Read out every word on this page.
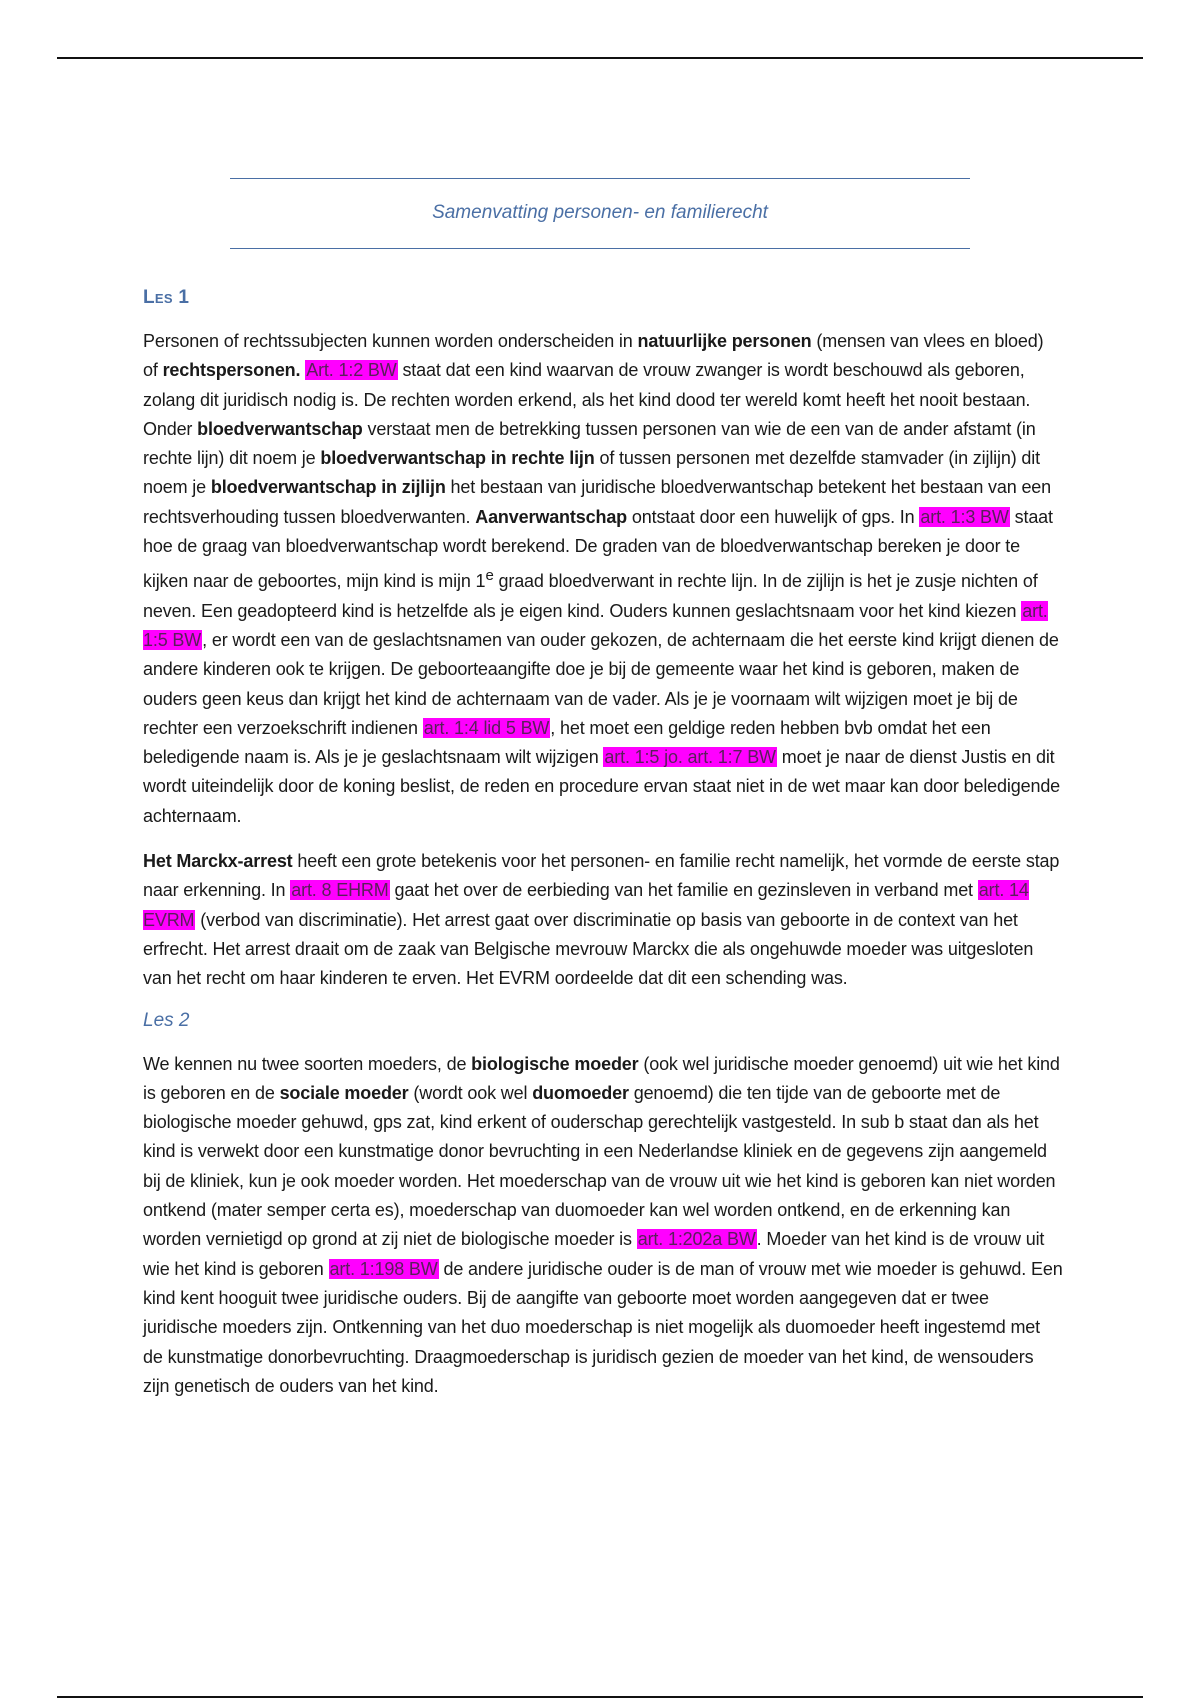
Samenvatting personen- en familierecht
Les 1

Personen of rechtssubjecten kunnen worden onderscheiden in natuurlijke personen (mensen van vlees en bloed) of rechtspersonen. Art. 1:2 BW staat dat een kind waarvan de vrouw zwanger is wordt beschouwd als geboren, zolang dit juridisch nodig is. De rechten worden erkend, als het kind dood ter wereld komt heeft het nooit bestaan. Onder bloedverwantschap verstaat men de betrekking tussen personen van wie de een van de ander afstamt (in rechte lijn) dit noem je bloedverwantschap in rechte lijn of tussen personen met dezelfde stamvader (in zijlijn) dit noem je bloedverwantschap in zijlijn het bestaan van juridische bloedverwantschap betekent het bestaan van een rechtsverhouding tussen bloedverwanten. Aanverwantschap ontstaat door een huwelijk of gps. In art. 1:3 BW staat hoe de graag van bloedverwantschap wordt berekend. De graden van de bloedverwantschap bereken je door te kijken naar de geboortes, mijn kind is mijn 1e graad bloedverwant in rechte lijn. In de zijlijn is het je zusje nichten of neven. Een geadopteerd kind is hetzelfde als je eigen kind. Ouders kunnen geslachtsnaam voor het kind kiezen art. 1:5 BW, er wordt een van de geslachtsnamen van ouder gekozen, de achternaam die het eerste kind krijgt dienen de andere kinderen ook te krijgen. De geboorteaangifte doe je bij de gemeente waar het kind is geboren, maken de ouders geen keus dan krijgt het kind de achternaam van de vader. Als je je voornaam wilt wijzigen moet je bij de rechter een verzoekschrift indienen art. 1:4 lid 5 BW, het moet een geldige reden hebben bvb omdat het een beledigende naam is. Als je je geslachtsnaam wilt wijzigen art. 1:5 jo. art. 1:7 BW moet je naar de dienst Justis en dit wordt uiteindelijk door de koning beslist, de reden en procedure ervan staat niet in de wet maar kan door beledigende achternaam.

Het Marckx-arrest heeft een grote betekenis voor het personen- en familie recht namelijk, het vormde de eerste stap naar erkenning. In art. 8 EHRM gaat het over de eerbieding van het familie en gezinsleven in verband met art. 14 EVRM (verbod van discriminatie). Het arrest gaat over discriminatie op basis van geboorte in de context van het erfrecht. Het arrest draait om de zaak van Belgische mevrouw Marckx die als ongehuwde moeder was uitgesloten van het recht om haar kinderen te erven. Het EVRM oordeelde dat dit een schending was.

Les 2

We kennen nu twee soorten moeders, de biologische moeder (ook wel juridische moeder genoemd) uit wie het kind is geboren en de sociale moeder (wordt ook wel duomoeder genoemd) die ten tijde van de geboorte met de biologische moeder gehuwd, gps zat, kind erkent of ouderschap gerechtelijk vastgesteld. In sub b staat dan als het kind is verwekt door een kunstmatige donor bevruchting in een Nederlandse kliniek en de gegevens zijn aangemeld bij de kliniek, kun je ook moeder worden. Het moederschap van de vrouw uit wie het kind is geboren kan niet worden ontkend (mater semper certa es), moederschap van duomoeder kan wel worden ontkend, en de erkenning kan worden vernietigd op grond at zij niet de biologische moeder is art. 1:202a BW. Moeder van het kind is de vrouw uit wie het kind is geboren art. 1:198 BW de andere juridische ouder is de man of vrouw met wie moeder is gehuwd. Een kind kent hooguit twee juridische ouders. Bij de aangifte van geboorte moet worden aangegeven dat er twee juridische moeders zijn. Ontkenning van het duo moederschap is niet mogelijk als duomoeder heeft ingestemd met de kunstmatige donorbevruchting. Draagmoederschap is juridisch gezien de moeder van het kind, de wensouders zijn genetisch de ouders van het kind.
